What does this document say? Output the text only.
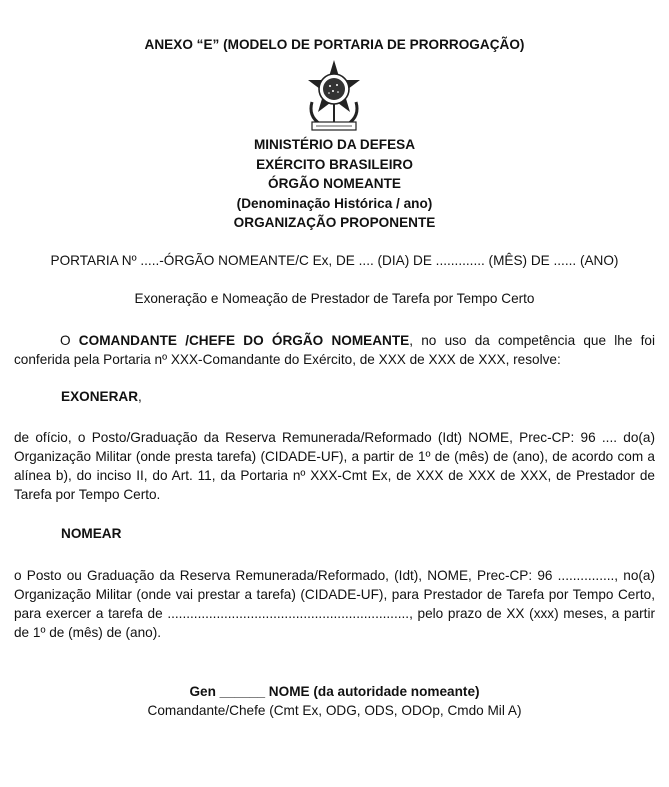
ANEXO “E” (MODELO DE PORTARIA DE PRORROGAÇÃO)
MINISTÉRIO DA DEFESA
EXÉRCITO BRASILEIRO
ÓRGÃO NOMEANTE
(Denominação Histórica / ano)
ORGANIZAÇÃO PROPONENTE
PORTARIA Nº .....-ÓRGÃO NOMEANTE/C Ex, DE .... (DIA) DE ............. (MÊS) DE ...... (ANO)
Exoneração e Nomeação de Prestador de Tarefa por Tempo Certo
O COMANDANTE /CHEFE DO ÓRGÃO NOMEANTE, no uso da competência que lhe foi conferida pela Portaria nº XXX-Comandante do Exército, de XXX de XXX de XXX, resolve:
EXONERAR,
de ofício, o Posto/Graduação da Reserva Remunerada/Reformado (Idt) NOME, Prec-CP: 96 .... do(a) Organização Militar (onde presta tarefa) (CIDADE-UF), a partir de 1º de (mês) de (ano), de acordo com a alínea b), do inciso II, do Art. 11, da Portaria nº XXX-Cmt Ex, de XXX de XXX de XXX, de Prestador de Tarefa por Tempo Certo.
NOMEAR
o Posto ou Graduação da Reserva Remunerada/Reformado, (Idt), NOME, Prec-CP: 96 ..............., no(a) Organização Militar (onde vai prestar a tarefa) (CIDADE-UF), para Prestador de Tarefa por Tempo Certo, para exercer a tarefa de ................................................................, pelo prazo de XX (xxx) meses, a partir de 1º de (mês) de (ano).
Gen ______ NOME (da autoridade nomeante)
Comandante/Chefe (Cmt Ex, ODG, ODS, ODOp, Cmdo Mil A)
